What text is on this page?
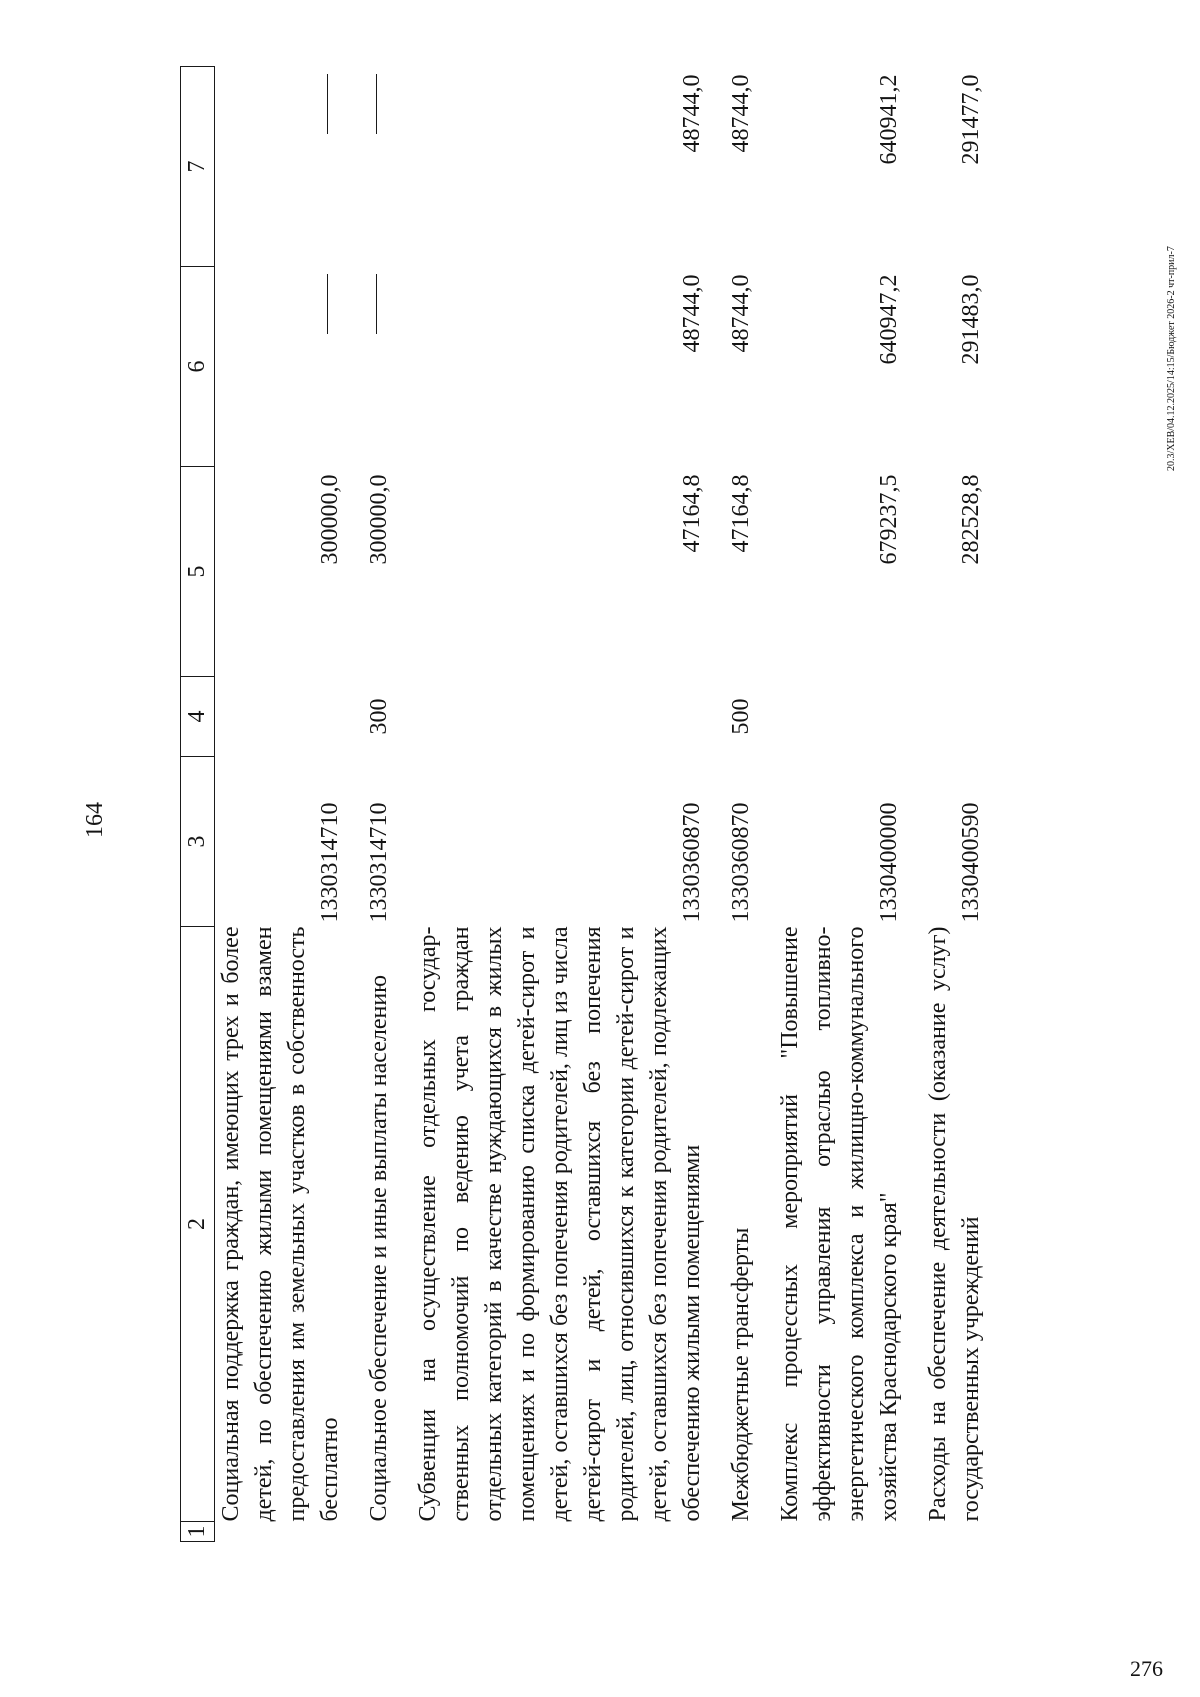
164
1	2	3	4	5	6	7
	Социальная поддержка граждан, имеющих трех и более детей, по обеспечению жилыми помещениями взамен предоставления им земельных участков в собственность бесплатно	1330314710		300000,0		

	Социальное обеспечение и иные выплаты населению	1330314710	300	300000,0		

	Субвенции на осуществление отдельных государственных полномочий по ведению учета граждан отдельных категорий в качестве нуждающихся в жилых помещениях и по формированию списка детей-сирот и детей, оставшихся без попечения родителей, лиц из числа детей-сирот и детей, оставшихся без попечения родителей, лиц, относившихся к категории детей-сирот и детей, оставшихся без попечения родителей, подлежащих обеспечению жилыми помещениями	1330360870		47164,8	48744,0	48744,0

	Межбюджетные трансферты	1330360870	500	47164,8	48744,0	48744,0

	Комплекс процессных мероприятий "Повышение эффективности управления отраслью топливно-энергетического комплекса и жилищно-коммунального хозяйства Краснодарского края"	1330400000		679237,5	640947,2	640941,2

	Расходы на обеспечение деятельности (оказание услуг) государственных учреждений	1330400590		282528,8	291483,0	291477,0
20.3/ХЕВ/04.12.2025/14:15/Бюджет 2026-2 чт-прил-7
276
